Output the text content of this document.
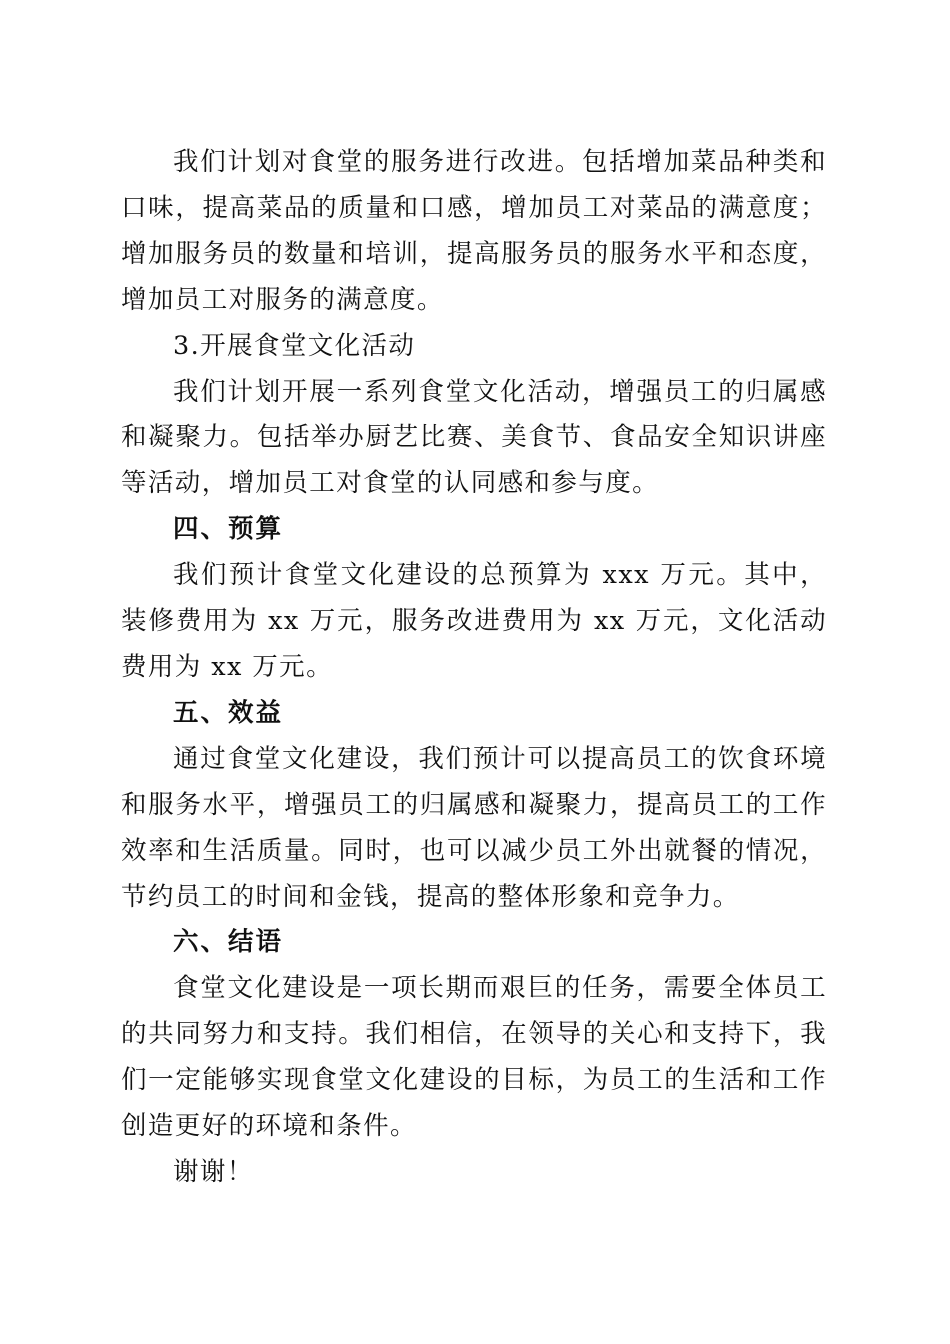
我们计划对食堂的服务进行改进。包括增加菜品种类和口味，提高菜品的质量和口感，增加员工对菜品的满意度；增加服务员的数量和培训，提高服务员的服务水平和态度，增加员工对服务的满意度。

3.开展食堂文化活动

我们计划开展一系列食堂文化活动，增强员工的归属感和凝聚力。包括举办厨艺比赛、美食节、食品安全知识讲座等活动，增加员工对食堂的认同感和参与度。

四、预算

我们预计食堂文化建设的总预算为 xxx 万元。其中，装修费用为 xx 万元，服务改进费用为 xx 万元，文化活动费用为 xx 万元。

五、效益

通过食堂文化建设，我们预计可以提高员工的饮食环境和服务水平，增强员工的归属感和凝聚力，提高员工的工作效率和生活质量。同时，也可以减少员工外出就餐的情况，节约员工的时间和金钱，提高的整体形象和竞争力。

六、结语

食堂文化建设是一项长期而艰巨的任务，需要全体员工的共同努力和支持。我们相信，在领导的关心和支持下，我们一定能够实现食堂文化建设的目标，为员工的生活和工作创造更好的环境和条件。

谢谢！
